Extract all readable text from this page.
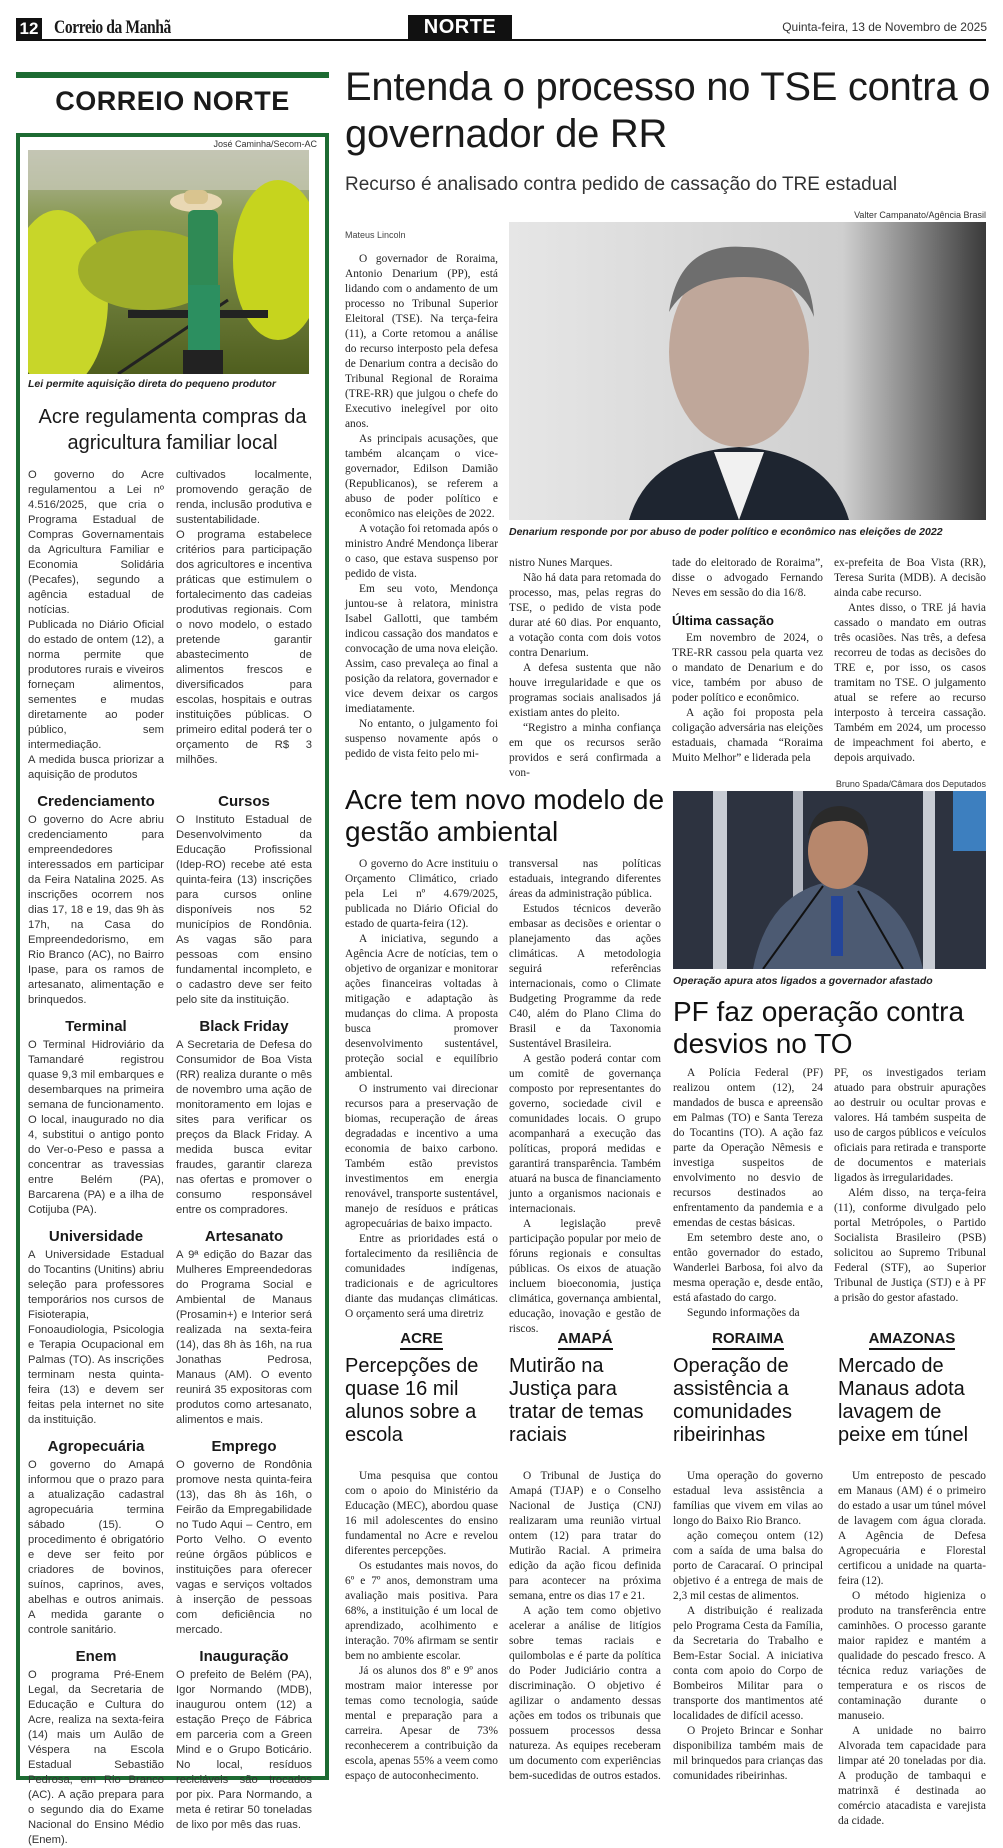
12 Correio da Manhã	NORTE	Quinta-feira, 13 de Novembro de 2025
CORREIO NORTE
José Caminha/Secom-AC
Lei permite aquisição direta do pequeno produtor
Acre regulamenta compras da agricultura familiar local

O governo do Acre regulamentou a Lei nº 4.516/2025, que cria o Programa Estadual de Compras Governamentais da Agricultura Familiar e Economia Solidária (Pecafes), segundo a agência estadual de notícias.

Publicada no Diário Oficial do estado de ontem (12), a norma permite que produtores rurais e viveiros forneçam alimentos, sementes e mudas diretamente ao poder público, sem intermediação.

A medida busca priorizar a aquisição de produtos

cultivados localmente, promovendo geração de renda, inclusão produtiva e sustentabilidade.

O programa estabelece critérios para participação dos agricultores e incentiva práticas que estimulem o fortalecimento das cadeias produtivas regionais. Com o novo modelo, o estado pretende garantir abastecimento de alimentos frescos e diversificados para escolas, hospitais e outras instituições públicas. O primeiro edital poderá ter o orçamento de R$ 3 milhões.

Credenciamento

O governo do Acre abriu credenciamento para empreendedores interessados em participar da Feira Natalina 2025. As inscrições ocorrem nos dias 17, 18 e 19, das 9h às 17h, na Casa do Empreendedorismo, em Rio Branco (AC), no Bairro Ipase, para os ramos de artesanato, alimentação e brinquedos.

Cursos

O Instituto Estadual de Desenvolvimento da Educação Profissional (Idep-RO) recebe até esta quinta-feira (13) inscrições para cursos online disponíveis nos 52 municípios de Rondônia. As vagas são para pessoas com ensino fundamental incompleto, e o cadastro deve ser feito pelo site da instituição.

Terminal

O Terminal Hidroviário da Tamandaré registrou quase 9,3 mil embarques e desembarques na primeira semana de funcionamento. O local, inaugurado no dia 4, substitui o antigo ponto do Ver-o-Peso e passa a concentrar as travessias entre Belém (PA), Barcarena (PA) e a ilha de Cotijuba (PA).

Black Friday

A Secretaria de Defesa do Consumidor de Boa Vista (RR) realiza durante o mês de novembro uma ação de monitoramento em lojas e sites para verificar os preços da Black Friday. A medida busca evitar fraudes, garantir clareza nas ofertas e promover o consumo responsável entre os compradores.

Universidade

A Universidade Estadual do Tocantins (Unitins) abriu seleção para professores temporários nos cursos de Fisioterapia, Fonoaudiologia, Psicologia e Terapia Ocupacional em Palmas (TO). As inscrições terminam nesta quinta-feira (13) e devem ser feitas pela internet no site da instituição.

Artesanato

A 9ª edição do Bazar das Mulheres Empreendedoras do Programa Social e Ambiental de Manaus (Prosamin+) e Interior será realizada na sexta-feira (14), das 8h às 16h, na rua Jonathas Pedrosa, Manaus (AM). O evento reunirá 35 expositoras com produtos como artesanato, alimentos e mais.

Agropecuária

O governo do Amapá informou que o prazo para a atualização cadastral agropecuária termina sábado (15). O procedimento é obrigatório e deve ser feito por criadores de bovinos, suínos, caprinos, aves, abelhas e outros animais. A medida garante o controle sanitário.

Emprego

O governo de Rondônia promove nesta quinta-feira (13), das 8h às 16h, o Feirão da Empregabilidade no Tudo Aqui – Centro, em Porto Velho. O evento reúne órgãos públicos e instituições para oferecer vagas e serviços voltados à inserção de pessoas com deficiência no mercado.

Enem

O programa Pré-Enem Legal, da Secretaria de Educação e Cultura do Acre, realiza na sexta-feira (14) mais um Aulão de Véspera na Escola Estadual Sebastião Pedrosa, em Rio Branco (AC). A ação prepara para o segundo dia do Exame Nacional do Ensino Médio (Enem).

Inauguração

O prefeito de Belém (PA), Igor Normando (MDB), inaugurou ontem (12) a estação Preço de Fábrica em parceria com a Green Mind e o Grupo Boticário. No local, resíduos recicláveis são trocados por pix. Para Normando, a meta é retirar 50 toneladas de lixo por mês das ruas.

Entenda o processo no TSE contra o governador de RR
Recurso é analisado contra pedido de cassação do TRE estadual
Mateus Lincoln

O governador de Roraima, Antonio Denarium (PP), está lidando com o andamento de um processo no Tribunal Superior Eleitoral (TSE). Na terça-feira (11), a Corte retomou a análise do recurso interposto pela defesa de Denarium contra a decisão do Tribunal Regional de Roraima (TRE-RR) que julgou o chefe do Executivo inelegível por oito anos.

As principais acusações, que também alcançam o vice-governador, Edilson Damião (Republicanos), se referem a abuso de poder político e econômico nas eleições de 2022.

A votação foi retomada após o ministro André Mendonça liberar o caso, que estava suspenso por pedido de vista.

Em seu voto, Mendonça juntou-se à relatora, ministra Isabel Gallotti, que também indicou cassação dos mandatos e convocação de uma nova eleição. Assim, caso prevaleça ao final a posição da relatora, governador e vice devem deixar os cargos imediatamente.

No entanto, o julgamento foi suspenso novamente após o pedido de vista feito pelo mi-

Valter Campanato/Agência Brasil
Denarium responde por por abuso de poder político e econômico nas eleições de 2022

nistro Nunes Marques.

Não há data para retomada do processo, mas, pelas regras do TSE, o pedido de vista pode durar até 60 dias. Por enquanto, a votação conta com dois votos contra Denarium.

A defesa sustenta que não houve irregularidade e que os programas sociais analisados já existiam antes do pleito.

“Registro a minha confiança em que os recursos serão providos e será confirmada a von-

tade do eleitorado de Roraima”, disse o advogado Fernando Neves em sessão do dia 16/8.

Última cassação

Em novembro de 2024, o TRE-RR cassou pela quarta vez o mandato de Denarium e do vice, também por abuso de poder político e econômico.

A ação foi proposta pela coligação adversária nas eleições estaduais, chamada “Roraima Muito Melhor” e liderada pela

ex-prefeita de Boa Vista (RR), Teresa Surita (MDB). A decisão ainda cabe recurso.

Antes disso, o TRE já havia cassado o mandato em outras três ocasiões. Nas três, a defesa recorreu de todas as decisões do TRE e, por isso, os casos tramitam no TSE. O julgamento atual se refere ao recurso interposto à terceira cassação. Também em 2024, um processo de impeachment foi aberto, e depois arquivado.

Acre tem novo modelo de gestão ambiental

O governo do Acre instituiu o Orçamento Climático, criado pela Lei nº 4.679/2025, publicada no Diário Oficial do estado de quarta-feira (12).

A iniciativa, segundo a Agência Acre de notícias, tem o objetivo de organizar e monitorar ações financeiras voltadas à mitigação e adaptação às mudanças do clima. A proposta busca promover desenvolvimento sustentável, proteção social e equilíbrio ambiental.

O instrumento vai direcionar recursos para a preservação de biomas, recuperação de áreas degradadas e incentivo a uma economia de baixo carbono. Também estão previstos investimentos em energia renovável, transporte sustentável, manejo de resíduos e práticas agropecuárias de baixo impacto.

Entre as prioridades está o fortalecimento da resiliência de comunidades indígenas, tradicionais e de agricultores diante das mudanças climáticas. O orçamento será uma diretriz

transversal nas políticas estaduais, integrando diferentes áreas da administração pública.

Estudos técnicos deverão embasar as decisões e orientar o planejamento das ações climáticas. A metodologia seguirá referências internacionais, como o Climate Budgeting Programme da rede C40, além do Plano Clima do Brasil e da Taxonomia Sustentável Brasileira.

A gestão poderá contar com um comitê de governança composto por representantes do governo, sociedade civil e comunidades locais. O grupo acompanhará a execução das políticas, proporá medidas e garantirá transparência. Também atuará na busca de financiamento junto a organismos nacionais e internacionais.

A legislação prevê participação popular por meio de fóruns regionais e consultas públicas. Os eixos de atuação incluem bioeconomia, justiça climática, governança ambiental, educação, inovação e gestão de riscos.

Bruno Spada/Câmara dos Deputados
Operação apura atos ligados a governador afastado
PF faz operação contra desvios no TO

A Polícia Federal (PF) realizou ontem (12), 24 mandados de busca e apreensão em Palmas (TO) e Santa Tereza do Tocantins (TO). A ação faz parte da Operação Nêmesis e investiga suspeitos de envolvimento no desvio de recursos destinados ao enfrentamento da pandemia e a emendas de cestas básicas.

Em setembro deste ano, o então governador do estado, Wanderlei Barbosa, foi alvo da mesma operação e, desde então, está afastado do cargo.

Segundo informações da

PF, os investigados teriam atuado para obstruir apurações ao destruir ou ocultar provas e valores. Há também suspeita de uso de cargos públicos e veículos oficiais para retirada e transporte de documentos e materiais ligados às irregularidades.

Além disso, na terça-feira (11), conforme divulgado pelo portal Metrópoles, o Partido Socialista Brasileiro (PSB) solicitou ao Supremo Tribunal Federal (STF), ao Superior Tribunal de Justiça (STJ) e à PF a prisão do gestor afastado.

ACRE
Percepções de quase 16 mil alunos sobre a escola

Uma pesquisa que contou com o apoio do Ministério da Educação (MEC), abordou quase 16 mil adolescentes do ensino fundamental no Acre e revelou diferentes percepções.

Os estudantes mais novos, do 6º e 7º anos, demonstram uma avaliação mais positiva. Para 68%, a instituição é um local de aprendizado, acolhimento e interação. 70% afirmam se sentir bem no ambiente escolar.

Já os alunos dos 8º e 9º anos mostram maior interesse por temas como tecnologia, saúde mental e preparação para a carreira. Apesar de 73% reconhecerem a contribuição da escola, apenas 55% a veem como espaço de autoconhecimento.

AMAPÁ
Mutirão na Justiça para tratar de temas raciais

O Tribunal de Justiça do Amapá (TJAP) e o Conselho Nacional de Justiça (CNJ) realizaram uma reunião virtual ontem (12) para tratar do Mutirão Racial. A primeira edição da ação ficou definida para acontecer na próxima semana, entre os dias 17 e 21.

A ação tem como objetivo acelerar a análise de litígios sobre temas raciais e quilombolas e é parte da política do Poder Judiciário contra a discriminação. O objetivo é agilizar o andamento dessas ações em todos os tribunais que possuem processos dessa natureza. As equipes receberam um documento com experiências bem-sucedidas de outros estados.

RORAIMA
Operação de assistência a comunidades ribeirinhas

Uma operação do governo estadual leva assistência a famílias que vivem em vilas ao longo do Baixo Rio Branco.

ação começou ontem (12) com a saída de uma balsa do porto de Caracaraí. O principal objetivo é a entrega de mais de 2,3 mil cestas de alimentos.

A distribuição é realizada pelo Programa Cesta da Família, da Secretaria do Trabalho e Bem-Estar Social. A iniciativa conta com apoio do Corpo de Bombeiros Militar para o transporte dos mantimentos até localidades de difícil acesso.

O Projeto Brincar e Sonhar disponibiliza também mais de mil brinquedos para crianças das comunidades ribeirinhas.

AMAZONAS
Mercado de Manaus adota lavagem de peixe em túnel

Um entreposto de pescado em Manaus (AM) é o primeiro do estado a usar um túnel móvel de lavagem com água clorada. A Agência de Defesa Agropecuária e Florestal certificou a unidade na quarta-feira (12).

O método higieniza o produto na transferência entre caminhões. O processo garante maior rapidez e mantém a qualidade do pescado fresco. A técnica reduz variações de temperatura e os riscos de contaminação durante o manuseio.

A unidade no bairro Alvorada tem capacidade para limpar até 20 toneladas por dia. A produção de tambaqui e matrinxã é destinada ao comércio atacadista e varejista da cidade.
